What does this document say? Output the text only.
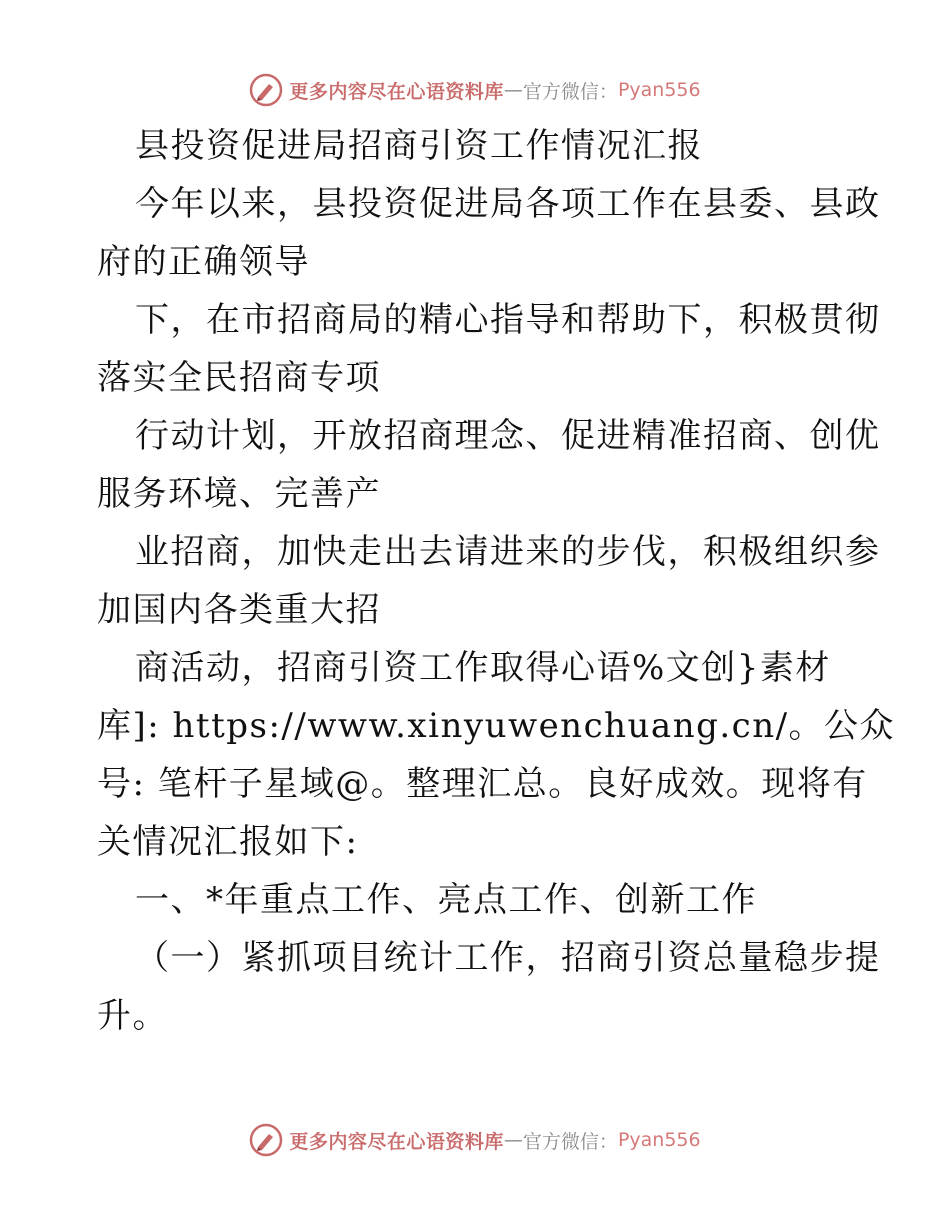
更多内容尽在心语资料库 — 官方微信： Pyan556
县投资促进局招商引资工作情况汇报
今年以来，县投资促进局各项工作在县委、县政
府的正确领导
下，在市招商局的精心指导和帮助下，积极贯彻
落实全民招商专项
行动计划，开放招商理念、促进精准招商、创优
服务环境、完善产
业招商，加快走出去请进来的步伐，积极组织参
加国内各类重大招
商活动，招商引资工作取得心语%文创}素材
库]: https://www.xinyuwenchuang.cn/。公众
号: 笔杆子星域@。整理汇总。良好成效。现将有
关情况汇报如下:
一、*年重点工作、亮点工作、创新工作
（一）紧抓项目统计工作，招商引资总量稳步提
升。
更多内容尽在心语资料库 — 官方微信： Pyan556
